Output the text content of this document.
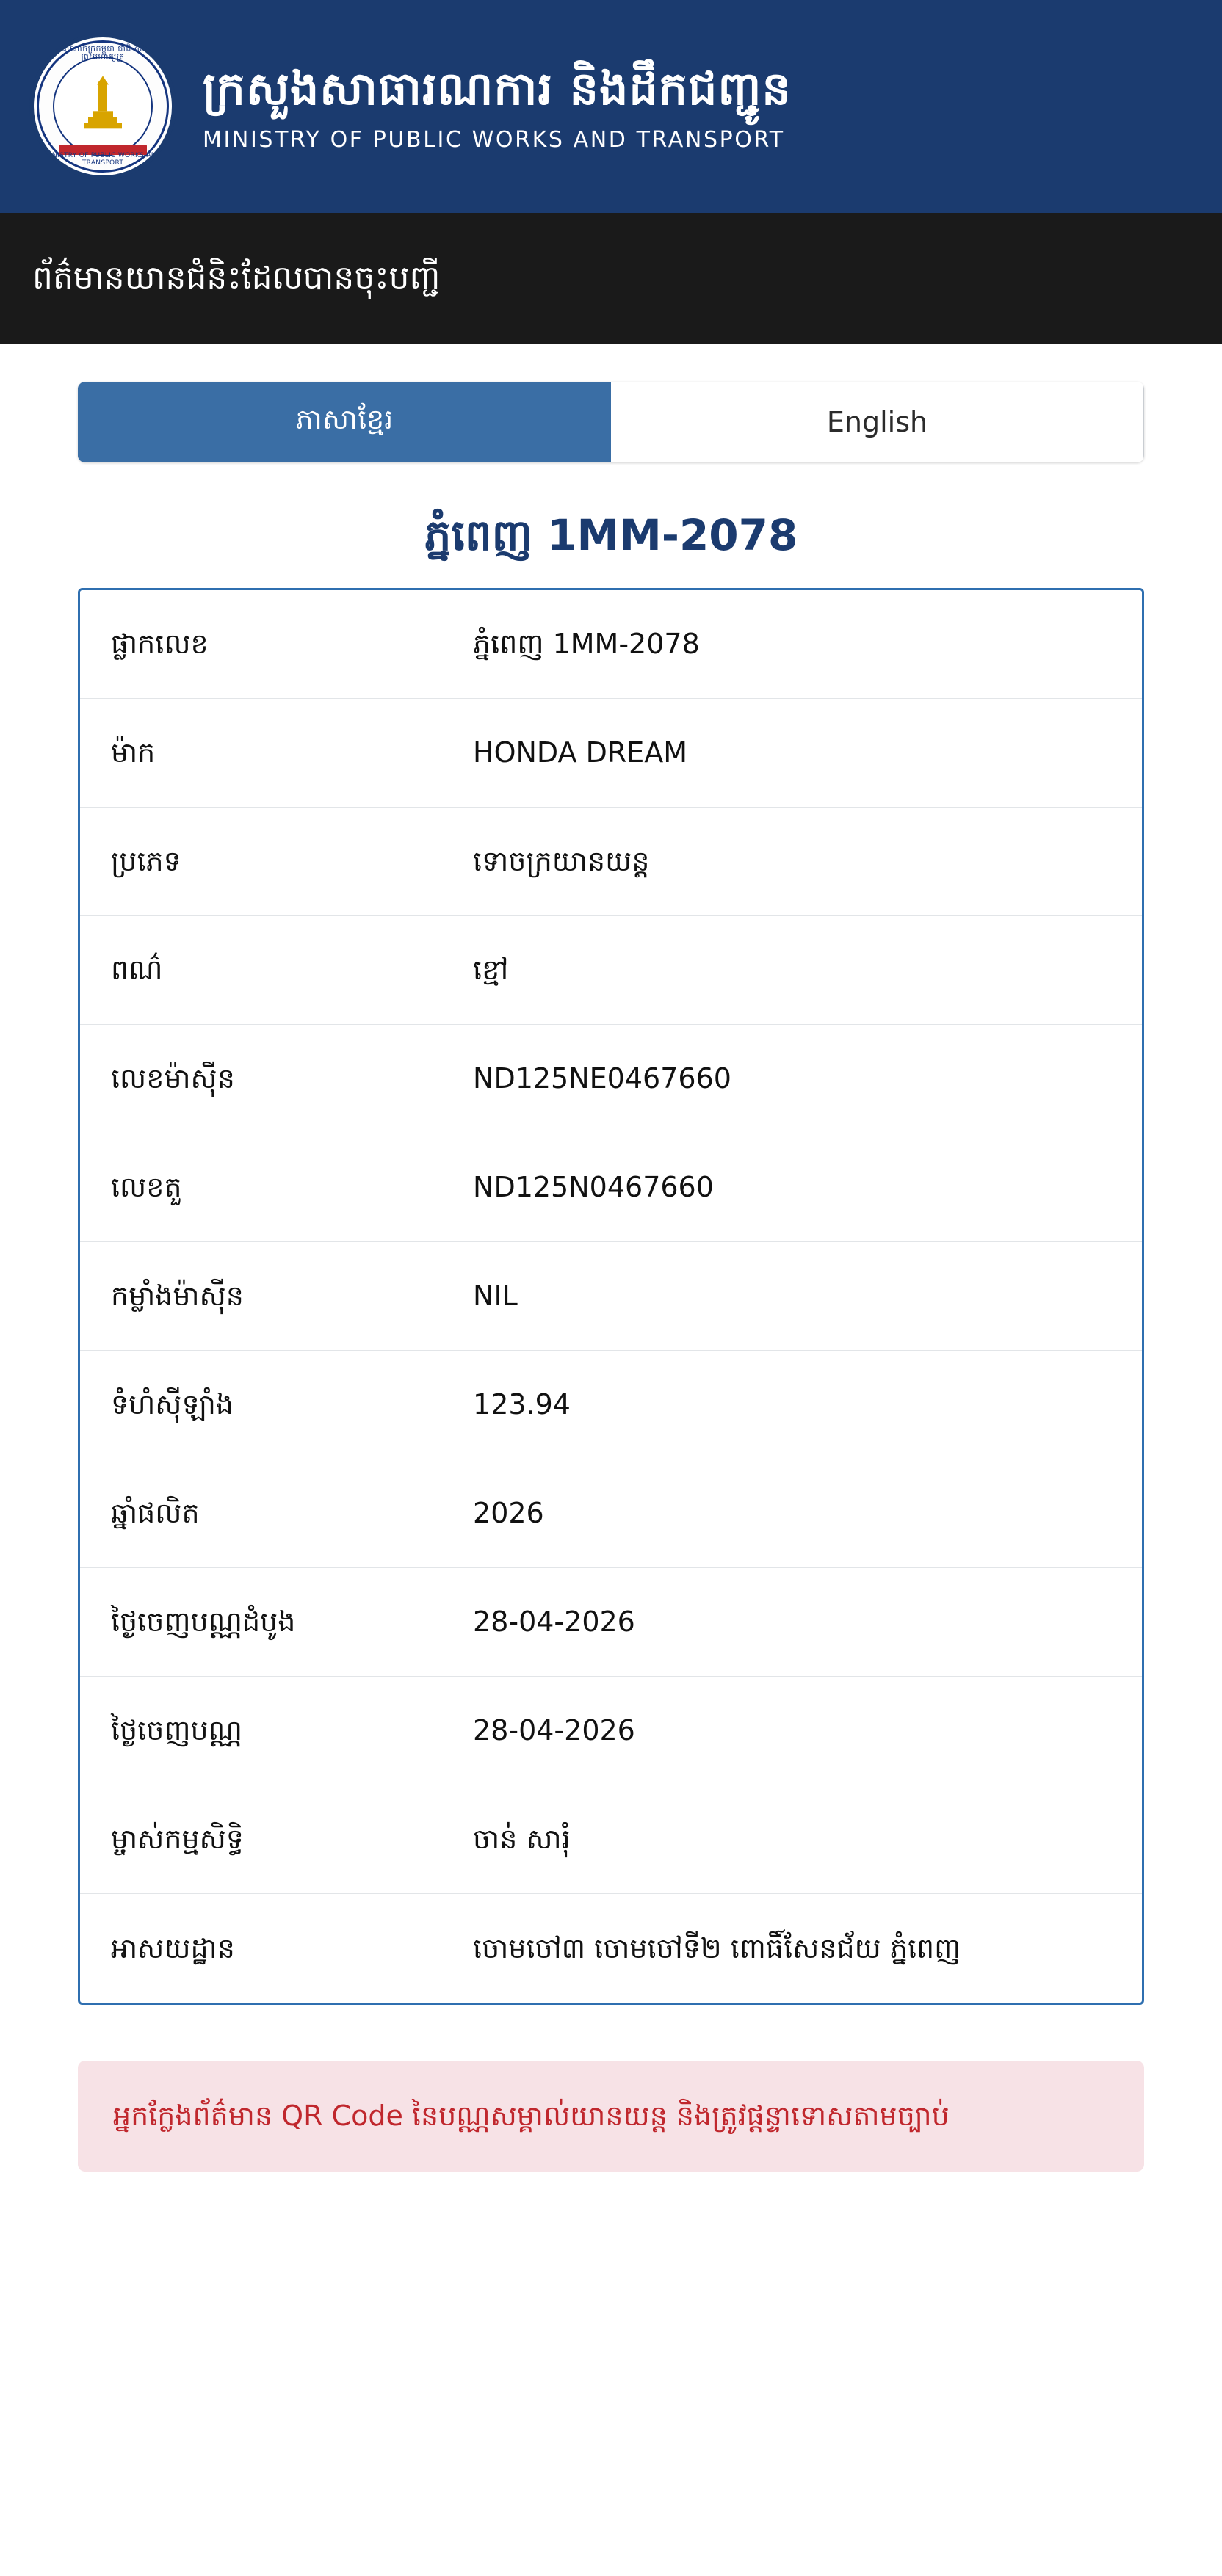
ព្រះរាជាណាចក្រកម្ពុជា ជាតិ សាសនា ព្រះមហាក្សត្រ
MINISTRY OF PUBLIC WORKS AND TRANSPORT
ក្រសួងសាធារណការ និងដឹកជញ្ជូន
MINISTRY OF PUBLIC WORKS AND TRANSPORT
ព័ត៌មានយានជំនិះដែលបានចុះបញ្ជី
ភាសាខ្មែរ	English
ភ្នំពេញ 1MM-2078
ផ្លាកលេខ	ភ្នំពេញ 1MM-2078
ម៉ាក	HONDA DREAM
ប្រភេទ	ទោចក្រយានយន្ត
ពណ៌	ខ្មៅ
លេខម៉ាស៊ីន	ND125NE0467660
លេខតួ	ND125N0467660
កម្លាំងម៉ាស៊ីន	NIL
ទំហំស៊ីឡាំង	123.94
ឆ្នាំផលិត	2026
ថ្ងៃចេញបណ្ណដំបូង	28-04-2026
ថ្ងៃចេញបណ្ណ	28-04-2026
ម្ចាស់កម្មសិទ្ធិ	ចាន់ សារុំ
អាសយដ្ឋាន	ចោមចៅ៣ ចោមចៅទី២ ពោធិ៍សែនជ័យ ភ្នំពេញ

អ្នកក្លែងព័ត៌មាន QR Code នៃបណ្ណសម្គាល់យានយន្ត និងត្រូវផ្តន្ទាទោសតាមច្បាប់
